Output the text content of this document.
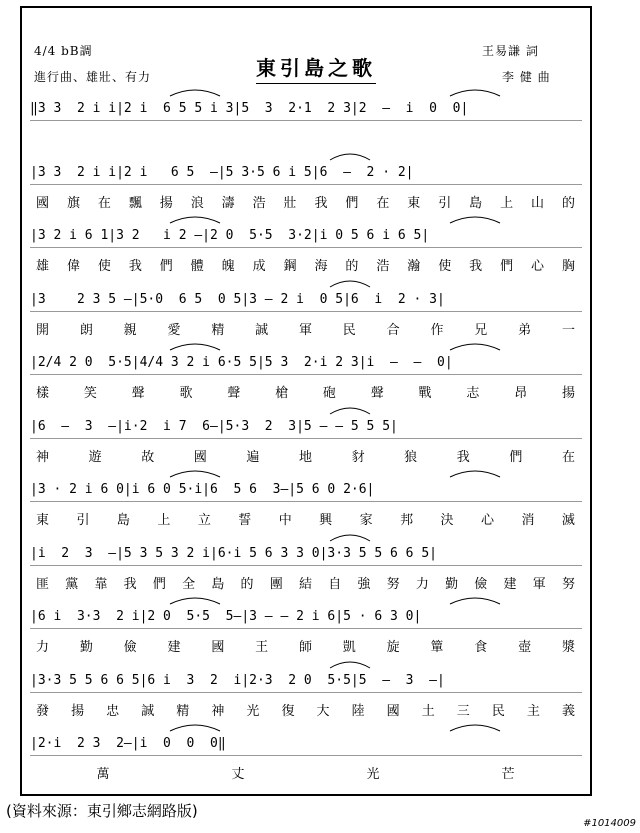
4/4 bB調
進行曲、雄壯、有力	東引島之歌
王易謙 詞
李 健 曲
‖3 3  2 i i|2 i  6 5 5 i 3|5  3  2·1  2 3|2  —  i  0  0|
|3 3  2 i i|2 i   6 5  —|5 3·5 6 i 5|6  —  2 · 2|
國 旗 在 飄 揚 浪 濤 浩 壯 我 們 在 東 引 島 上 山 的
|3 2 i 6 1|3 2   i 2 —|2 0  5·5  3·2|i 0 5 6 i 6 5|
雄 偉 使 我 們 體 魄 成 鋼 海 的 浩 瀚 使 我 們 心 胸
|3    2 3 5 —|5·0  6 5  0 5|3 — 2 i  0 5|6  i  2 · 3|
開 朗 親 愛 精 誠 軍 民 合 作 兄 弟 一
|2/4 2 0  5·5|4/4 3 2 i 6·5 5|5 3  2·i 2 3|i  —  —  0|
樣	笑	聲	歌	聲	槍	砲	聲	戰	志	昂	揚
|6  —  3  —|i·2  i 7  6—|5·3  2  3|5 — — 5 5 5|
神	遊	故	國	遍	地	豺	狼	我	們	在
|3 · 2 i 6 0|i 6 0 5·i|6  5 6  3—|5 6 0 2·6|
東 引 島 上 立 誓 中 興 家 邦 決 心 消 滅
|i  2  3  —|5 3 5 3 2 i|6·i 5 6 3 3 0|3·3 5 5 6 6 5|
匪 黨 靠 我 們 全 島 的 團 結 自 強 努 力 勤 儉 建 軍 努
|6 i  3·3  2 i|2 0  5·5  5—|3 — — 2 i 6|5 · 6 3 0|
力 勤 儉 建 國 王 師 凱 旋 簞 食 壺 漿
|3·3 5 5 6 6 5|6 i  3  2  i|2·3  2 0  5·5|5  —  3  —|
發 揚 忠 誠 精 神 光 復 大 陸 國 土 三 民 主 義
|2·i  2 3  2—|i  0  0  0‖
萬	丈	光	芒
(資料來源：東引鄉志網路版)
#1014009
